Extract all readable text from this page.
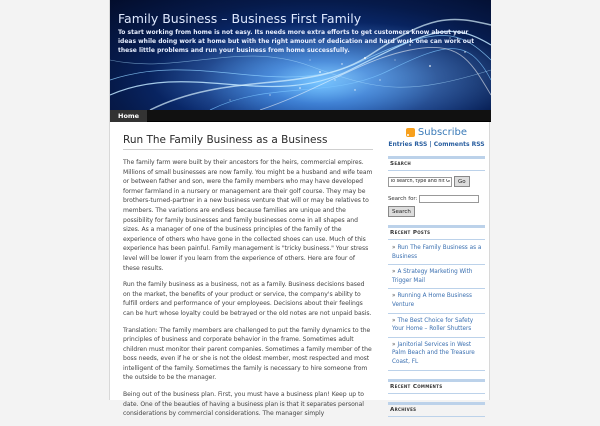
Family Business – Business First Family
To start working from home is not easy. Its needs more extra efforts to get customers know about your ideas while doing work at home but with the right amount of dedication and hard work one can work out these little problems and run your business from home successfully.
Home
Run The Family Business as a Business

The family farm were built by their ancestors for the heirs, commercial empires. Millions of small businesses are now family. You might be a husband and wife team or between father and son, were the family members who may have developed former farmland in a nursery or management are their golf course. They may be brothers-turned-partner in a new business venture that will or may be relatives to members. The variations are endless because families are unique and the possibility for family businesses and family businesses come in all shapes and sizes. As a manager of one of the business principles of the family of the experience of others who have gone in the collected shoes can use. Much of this experience has been painful. Family management is "tricky business." Your stress level will be lower if you learn from the experience of others. Here are four of these results.

Run the family business as a business, not as a family. Business decisions based on the market, the benefits of your product or service, the company's ability to fulfill orders and performance of your employees. Decisions about their feelings can be hurt whose loyalty could be betrayed or the old notes are not unpaid basis.

Translation: The family members are challenged to put the family dynamics to the principles of business and corporate behavior in the frame. Sometimes adult children must monitor their parent companies. Sometimes a family member of the boss needs, even if he or she is not the oldest member, most respected and most intelligent of the family. Sometimes the family is necessary to hire someone from the outside to be the manager.

Being out of the business plan. First, you must have a business plan! Keep up to date. One of the beauties of having a business plan is that it separates personal considerations by commercial considerations. The manager simply

Subscribe
Entries RSS | Comments RSS
Search
To search, type and hit Go
Go
Search for:
Search
Recent Posts
» Run The Family Business as a Business
» A Strategy Marketing With Trigger Mail
» Running A Home Business Venture
» The Best Choice for Safety Your Home – Roller Shutters
» Janitorial Services in West Palm Beach and the Treasure Coast, FL
Recent Comments
Archives
